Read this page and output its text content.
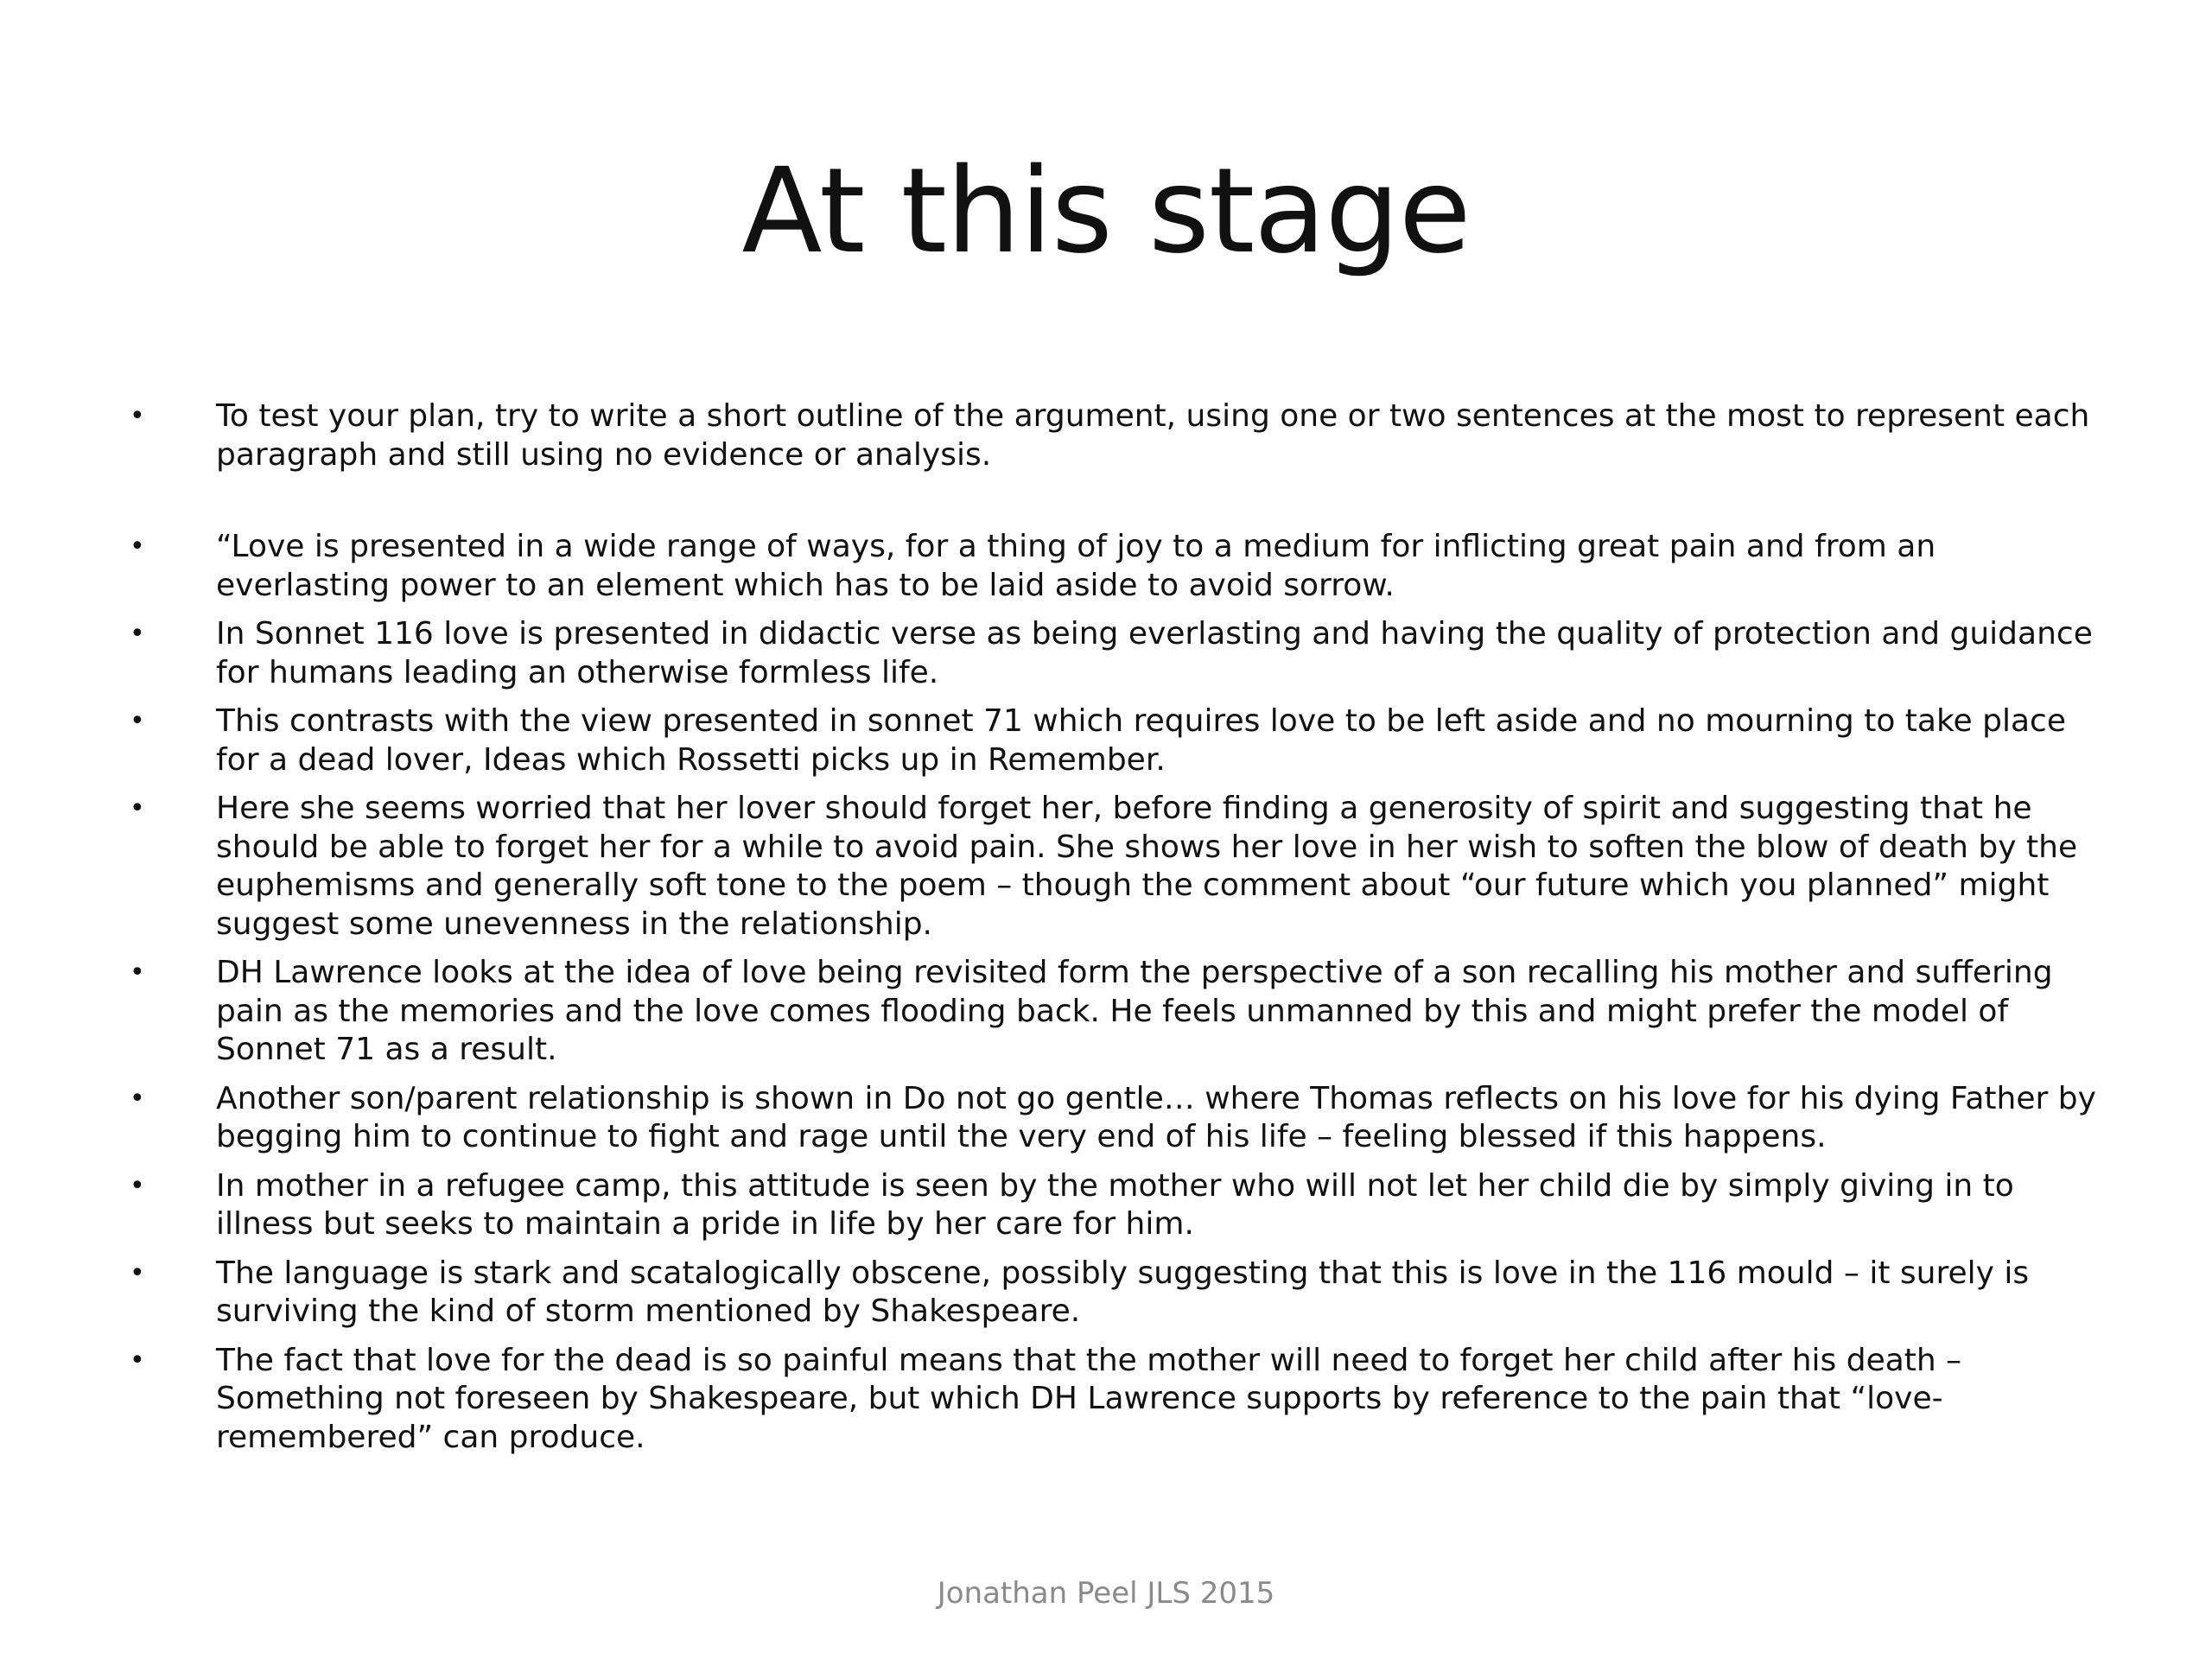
At this stage
• To test your plan, try to write a short outline of the argument, using one or two sentences at the most to represent each paragraph and still using no evidence or analysis.
• “Love is presented in a wide range of ways, for a thing of joy to a medium for inflicting great pain and from an everlasting power to an element which has to be laid aside to avoid sorrow.
• In Sonnet 116 love is presented in didactic verse as being everlasting and having the quality of protection and guidance for humans leading an otherwise formless life.
• This contrasts with the view presented in sonnet 71 which requires love to be left aside and no mourning to take place for a dead lover, Ideas which Rossetti picks up in Remember.
• Here she seems worried that her lover should forget her, before finding a generosity of spirit and suggesting that he should be able to forget her for a while to avoid pain. She shows her love in her wish to soften the blow of death by the euphemisms and generally soft tone to the poem – though the comment about “our future which you planned” might suggest some unevenness in the relationship.
• DH Lawrence looks at the idea of love being revisited form the perspective of a son recalling his mother and suffering pain as the memories and the love comes flooding back. He feels unmanned by this and might prefer the model of Sonnet 71 as a result.
• Another son/parent relationship is shown in Do not go gentle… where Thomas reflects on his love for his dying Father by begging him to continue to fight and rage until the very end of his life – feeling blessed if this happens.
• In mother in a refugee camp, this attitude is seen by the mother who will not let her child die by simply giving in to illness but seeks to maintain a pride in life by her care for him.
• The language is stark and scatalogically obscene, possibly suggesting that this is love in the 116 mould – it surely is surviving the kind of storm mentioned by Shakespeare.
• The fact that love for the dead is so painful means that the mother will need to forget her child after his death – Something not foreseen by Shakespeare, but which DH Lawrence supports by reference to the pain that “love-remembered” can produce.
Jonathan Peel JLS 2015
